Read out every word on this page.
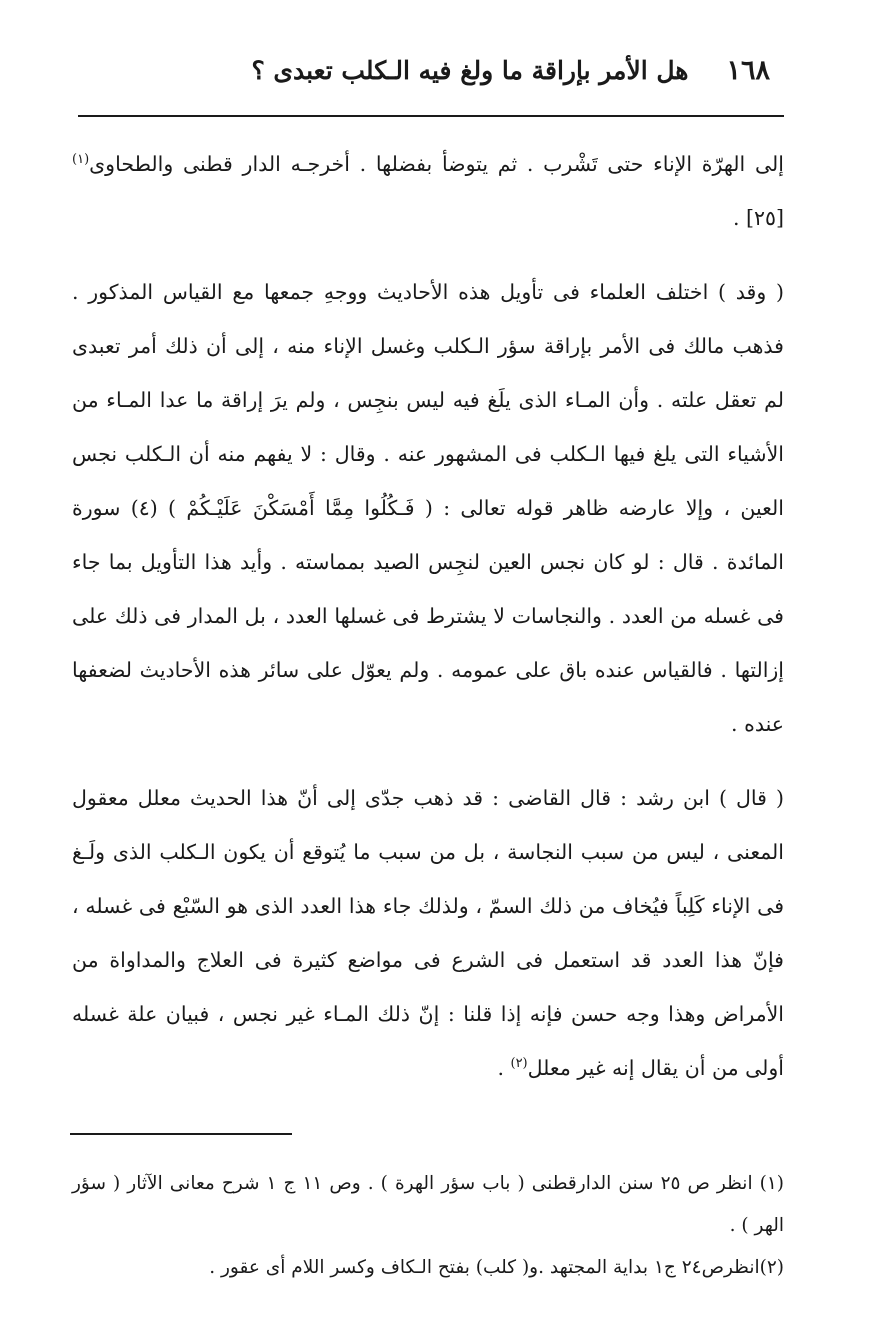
١٦٨
هل الأمر بإراقة ما ولغ فيه الـكلب تعبدى ؟

إلى الهرّة الإناء حتى تَشْرب . ثم يتوضأ بفضلها . أخرجـه الدار قطنى والطحاوى$^{(١)}$ [٢٥] .

( وقد ) اختلف العلماء فى تأويل هذه الأحاديث ووجهِ جمعها مع القياس المذكور . فذهب مالك فى الأمر بإراقة سؤر الـكلب وغسل الإناء منه ، إلى أن ذلك أمر تعبدى لم تعقل علته . وأن المـاء الذى يلَغ فيه ليس بنجِس ، ولم يرَ إراقة ما عدا المـاء من الأشياء التى يلغ فيها الـكلب فى المشهور عنه . وقال : لا يفهم منه أن الـكلب نجس العين ، وإلا عارضه ظاهر قوله تعالى : ( فَـكُلُوا مِمَّا أَمْسَكْنَ عَلَيْـكُمْ ) (٤) سورة المائدة . قال : لو كان نجس العين لنجِس الصيد بمماسته . وأيد هذا التأويل بما جاء فى غسله من العدد . والنجاسات لا يشترط فى غسلها العدد ، بل المدار فى ذلك على إزالتها . فالقياس عنده باق على عمومه . ولم يعوّل على سائر هذه الأحاديث لضعفها عنده .

( قال ) ابن رشد : قال القاضى : قد ذهب جدّى إلى أنّ هذا الحديث معلل معقول المعنى ، ليس من سبب النجاسة ، بل من سبب ما يُتوقع أن يكون الـكلب الذى ولَـغ فى الإناء كَلِباً فيُخاف من ذلك السمّ ، ولذلك جاء هذا العدد الذى هو السّبْع فى غسله ، فإنّ هذا العدد قد استعمل فى الشرع فى مواضع كثيرة فى العلاج والمداواة من الأمراض وهذا وجه حسن فإنه إذا قلنا : إنّ ذلك المـاء غير نجس ، فبيان علة غسله أولى من أن يقال إنه غير معلل$^{(٢)}$ .

(١) انظر ص ٢٥ سنن الدارقطنى ( باب سؤر الهرة ) . وص ١١ ج ١ شرح معانى الآثار ( سؤر الهر ) .

(٢)انظرص٢٤ ج١ بداية المجتهد .و( كلب) بفتح الـكاف وكسر اللام أى عقور .
